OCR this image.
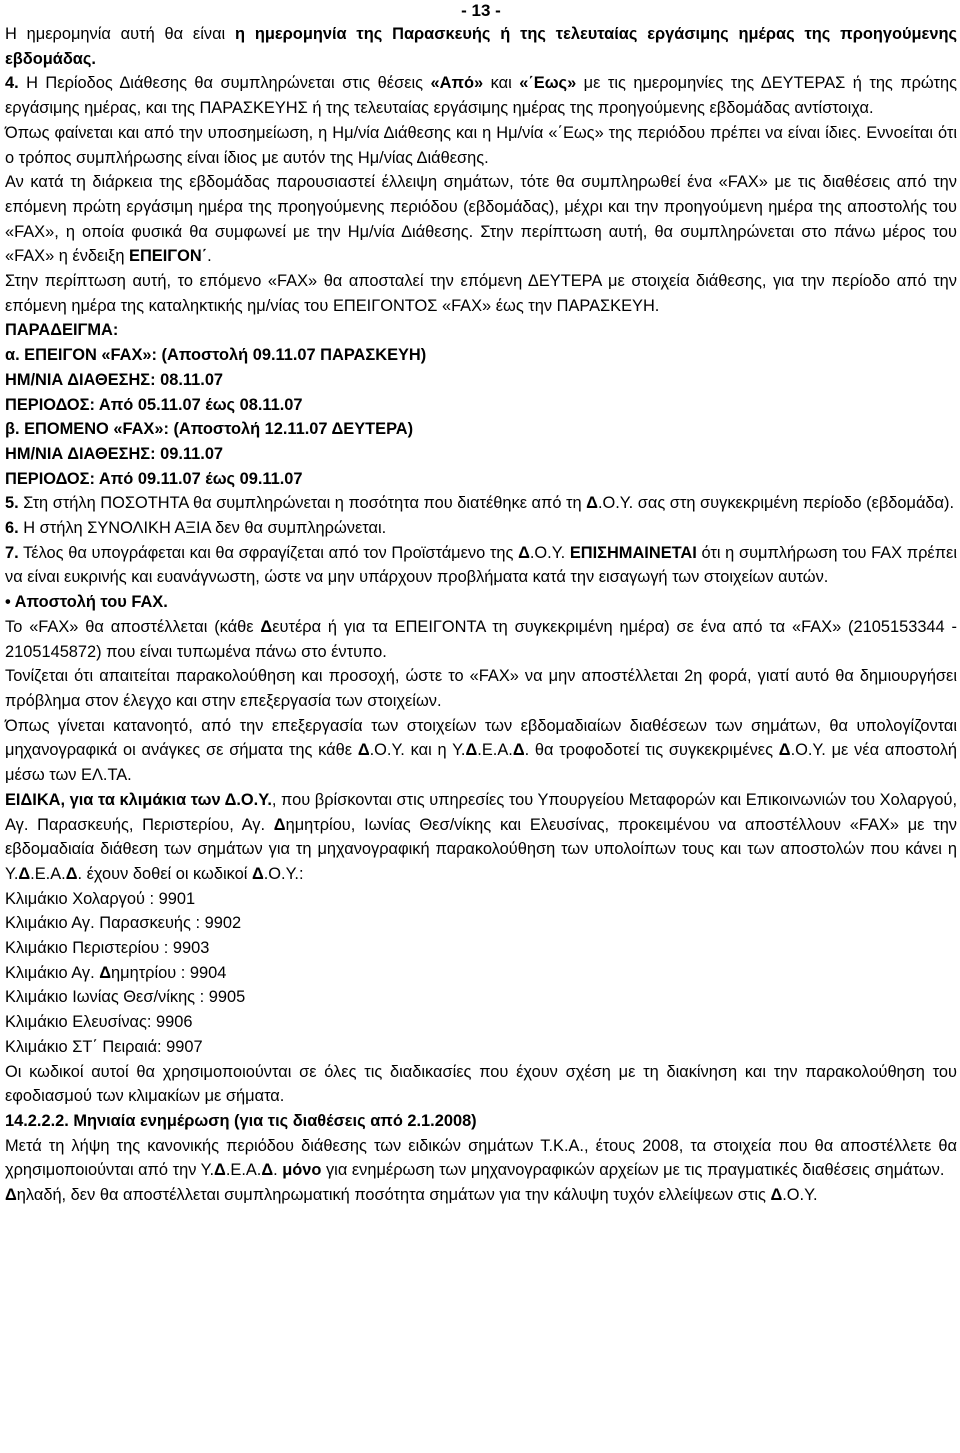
- 13 -

Η ημερομηνία αυτή θα είναι η ημερομηνία της Παρασκευής ή της τελευταίας εργάσιμης ημέρας της προηγούμενης εβδομάδας.

4. Η Περίοδος Διάθεσης θα συμπληρώνεται στις θέσεις «Από» και «΄Εως» με τις ημερομηνίες της ΔΕΥΤΕΡΑΣ ή της πρώτης εργάσιμης ημέρας, και της ΠΑΡΑΣΚΕΥΗΣ ή της τελευταίας εργάσιμης ημέρας της προηγούμενης εβδομάδας αντίστοιχα.

Όπως φαίνεται και από την υποσημείωση, η Ημ/νία Διάθεσης και η Ημ/νία «΄Εως» της περιόδου πρέπει να είναι ίδιες. Εννοείται ότι ο τρόπος συμπλήρωσης είναι ίδιος με αυτόν της Ημ/νίας Διάθεσης.

Αν κατά τη διάρκεια της εβδομάδας παρουσιαστεί έλλειψη σημάτων, τότε θα συμπληρωθεί ένα «FAX» με τις διαθέσεις από την επόμενη πρώτη εργάσιμη ημέρα της προηγούμενης περιόδου (εβδομάδας), μέχρι και την προηγούμενη ημέρα της αποστολής του «FAX», η οποία φυσικά θα συμφωνεί με την Ημ/νία Διάθεσης. Στην περίπτωση αυτή, θα συμπληρώνεται στο πάνω μέρος του «FAX» η ένδειξη ΕΠΕΙΓΟΝ΄.

Στην περίπτωση αυτή, το επόμενο «FAX» θα αποσταλεί την επόμενη ΔΕΥΤΕΡΑ με στοιχεία διάθεσης, για την περίοδο από την επόμενη ημέρα της καταληκτικής ημ/νίας του ΕΠΕΙΓΟΝΤΟΣ «FAX» έως την ΠΑΡΑΣΚΕΥΗ.

ΠΑΡΑΔΕΙΓΜΑ:

α. ΕΠΕΙΓΟΝ «FAX»: (Αποστολή 09.11.07 ΠΑΡΑΣΚΕΥΗ)

ΗΜ/ΝΙΑ ΔΙΑΘΕΣΗΣ: 08.11.07

ΠΕΡΙΟΔΟΣ: Από 05.11.07 έως 08.11.07

β. ΕΠΟΜΕΝΟ «FAX»: (Αποστολή 12.11.07 ΔΕΥΤΕΡΑ)

ΗΜ/ΝΙΑ ΔΙΑΘΕΣΗΣ: 09.11.07

ΠΕΡΙΟΔΟΣ: Από 09.11.07 έως 09.11.07

5. Στη στήλη ΠΟΣΟΤΗΤΑ θα συμπληρώνεται η ποσότητα που διατέθηκε από τη Δ.Ο.Υ. σας στη συγκεκριμένη περίοδο (εβδομάδα).

6. Η στήλη ΣΥΝΟΛΙΚΗ ΑΞΙΑ δεν θα συμπληρώνεται.

7. Τέλος θα υπογράφεται και θα σφραγίζεται από τον Προϊστάμενο της Δ.Ο.Υ. ΕΠΙΣΗΜΑΙΝΕΤΑΙ ότι η συμπλήρωση του FAX πρέπει να είναι ευκρινής και ευανάγνωστη, ώστε να μην υπάρχουν προβλήματα κατά την εισαγωγή των στοιχείων αυτών.

• Αποστολή του FAX.

Το «FAX» θα αποστέλλεται (κάθε Δευτέρα ή για τα ΕΠΕΙΓΟΝΤΑ τη συγκεκριμένη ημέρα) σε ένα από τα «FAX» (2105153344 - 2105145872) που είναι τυπωμένα πάνω στο έντυπο.

Τονίζεται ότι απαιτείται παρακολούθηση και προσοχή, ώστε το «FAX» να μην αποστέλλεται 2η φορά, γιατί αυτό θα δημιουργήσει πρόβλημα στον έλεγχο και στην επεξεργασία των στοιχείων.

Όπως γίνεται κατανοητό, από την επεξεργασία των στοιχείων των εβδομαδιαίων διαθέσεων των σημάτων, θα υπολογίζονται μηχανογραφικά οι ανάγκες σε σήματα της κάθε Δ.Ο.Υ. και η Υ.Δ.Ε.Α.Δ. θα τροφοδοτεί τις συγκεκριμένες Δ.Ο.Υ. με νέα αποστολή μέσω των ΕΛ.ΤΑ.

ΕΙΔΙΚΑ, για τα κλιμάκια των Δ.Ο.Υ., που βρίσκονται στις υπηρεσίες του Υπουργείου Μεταφορών και Επικοινωνιών του Χολαργού, Αγ. Παρασκευής, Περιστερίου, Αγ. Δημητρίου, Ιωνίας Θεσ/νίκης και Ελευσίνας, προκειμένου να αποστέλλουν «FAX» με την εβδομαδιαία διάθεση των σημάτων για τη μηχανογραφική παρακολούθηση των υπολοίπων τους και των αποστολών που κάνει η Υ.Δ.Ε.Α.Δ. έχουν δοθεί οι κωδικοί Δ.Ο.Υ.:

Κλιμάκιο Χολαργού : 9901

Κλιμάκιο Αγ. Παρασκευής : 9902

Κλιμάκιο Περιστερίου : 9903

Κλιμάκιο Αγ. Δημητρίου : 9904

Κλιμάκιο Ιωνίας Θεσ/νίκης : 9905

Κλιμάκιο Ελευσίνας: 9906

Κλιμάκιο ΣΤ΄ Πειραιά: 9907

Οι κωδικοί αυτοί θα χρησιμοποιούνται σε όλες τις διαδικασίες που έχουν σχέση με τη διακίνηση και την παρακολούθηση του εφοδιασμού των κλιμακίων με σήματα.

14.2.2.2. Μηνιαία ενημέρωση (για τις διαθέσεις από 2.1.2008)

Μετά τη λήψη της κανονικής περιόδου διάθεσης των ειδικών σημάτων Τ.Κ.Α., έτους 2008, τα στοιχεία που θα αποστέλλετε θα χρησιμοποιούνται από την Υ.Δ.Ε.Α.Δ. μόνο για ενημέρωση των μηχανογραφικών αρχείων με τις πραγματικές διαθέσεις σημάτων.

Δηλαδή, δεν θα αποστέλλεται συμπληρωματική ποσότητα σημάτων για την κάλυψη τυχόν ελλείψεων στις Δ.Ο.Υ.
